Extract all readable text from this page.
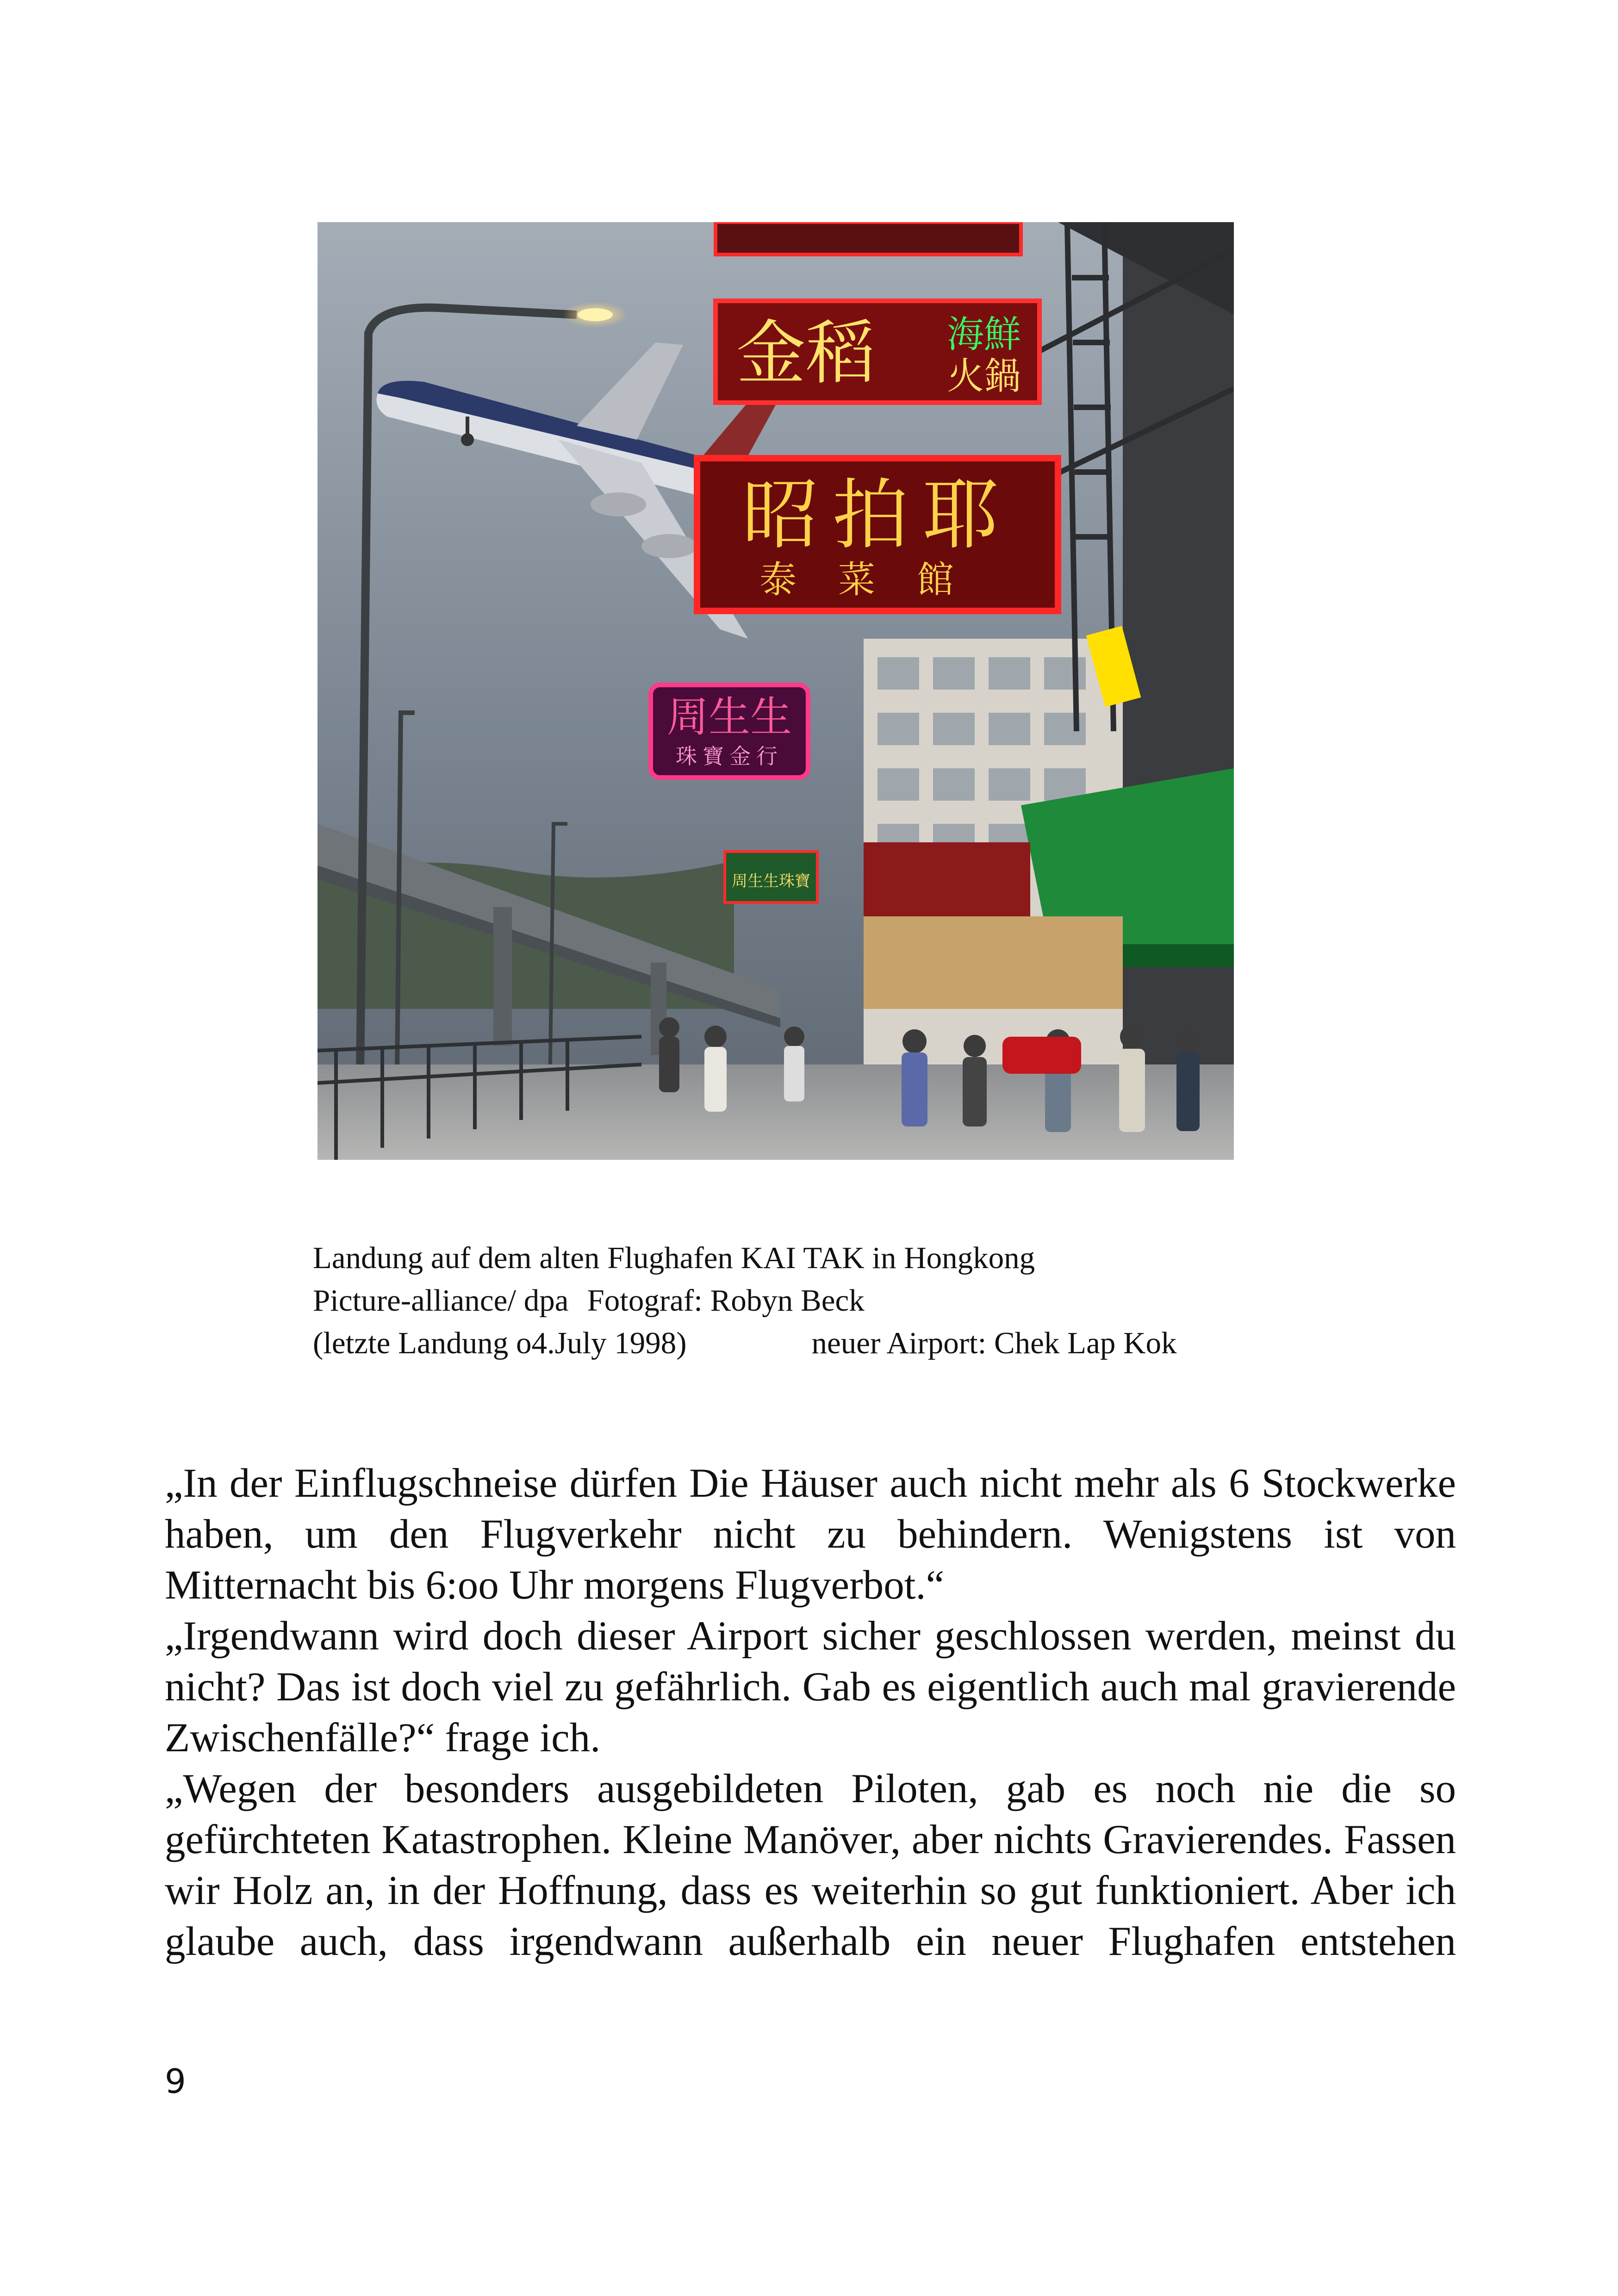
金稻 海鮮
火鍋
昭拍耶
泰菜館
周生生
珠寶金行
周生生珠寶
Landung auf dem alten Flughafen KAI TAK in Hongkong
Picture-alliance/ dpa Fotograf: Robyn Beck
(letzte Landung o4.July 1998)	neuer Airport: Chek Lap Kok

„In der Einflugschneise dürfen Die Häuser auch nicht mehr als 6 Stockwerke haben, um den Flugverkehr nicht zu behindern. Wenigstens ist von Mitternacht bis 6:oo Uhr morgens Flugverbot.“

„Irgendwann wird doch dieser Airport sicher geschlossen werden, meinst du nicht? Das ist doch viel zu gefährlich. Gab es eigentlich auch mal gravierende Zwischenfälle?“ frage ich.

„Wegen der besonders ausgebildeten Piloten, gab es noch nie die so gefürchteten Katastrophen. Kleine Manöver, aber nichts Gravierendes. Fassen wir Holz an, in der Hoffnung, dass es weiterhin so gut funktioniert. Aber ich glaube auch, dass irgendwann außerhalb ein neuer Flughafen entstehen

9
